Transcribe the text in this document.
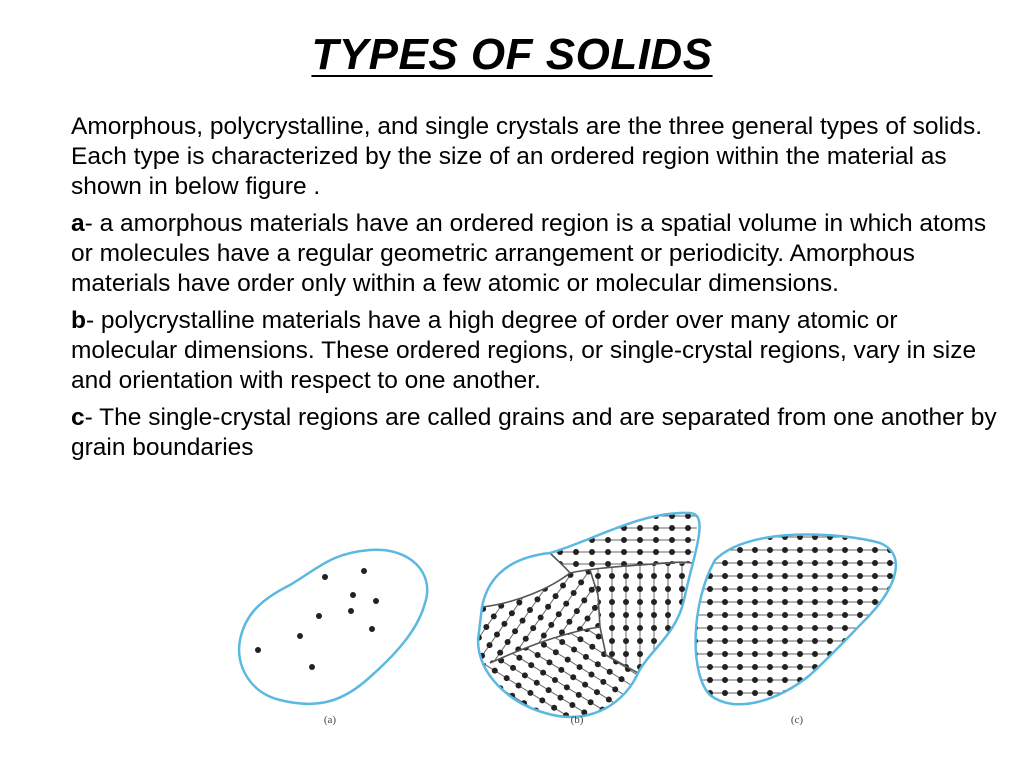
TYPES OF SOLIDS

Amorphous, polycrystalline, and single crystals are the three general types of solids. Each type is characterized by the size of an ordered region within the material as shown in below figure .

a- a amorphous materials have an ordered region is a spatial volume in which atoms or molecules have a regular geometric arrangement or periodicity. Amorphous materials have order only within a few atomic or molecular dimensions.

b- polycrystalline materials have a high degree of order over many atomic or molecular dimensions. These ordered regions, or single-crystal regions, vary in size and orientation with respect to one another.

c- The single-crystal regions are called grains and are separated from one another by grain boundaries

(a)	(b)	(c)
